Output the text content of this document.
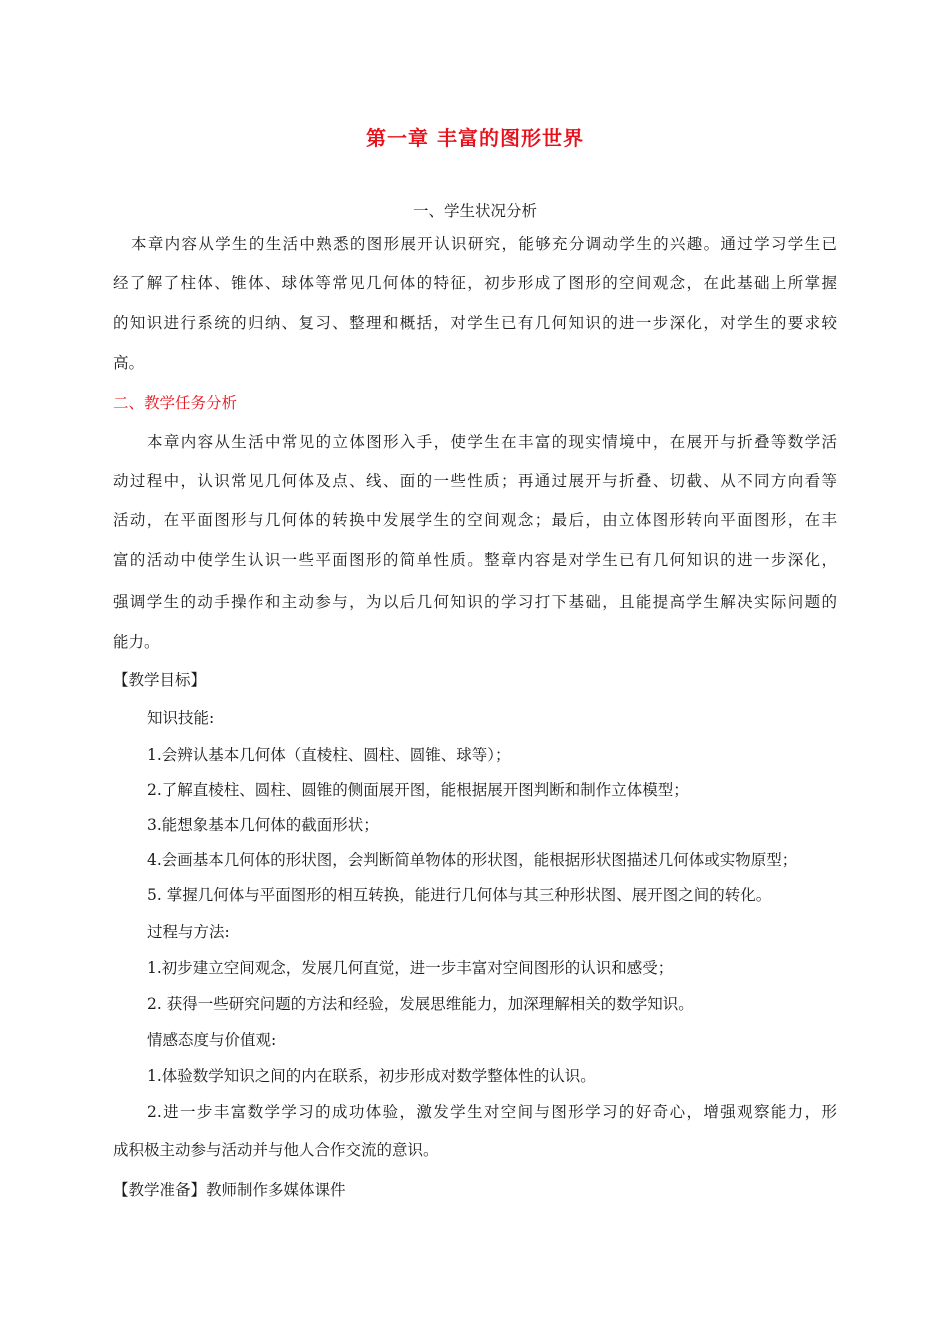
第一章 丰富的图形世界
一、学生状况分析
本章内容从学生的生活中熟悉的图形展开认识研究，能够充分调动学生的兴趣。通过学习学生已
经了解了柱体、锥体、球体等常见几何体的特征，初步形成了图形的空间观念，在此基础上所掌握
的知识进行系统的归纳、复习、整理和概括，对学生已有几何知识的进一步深化，对学生的要求较
高。
二、教学任务分析
本章内容从生活中常见的立体图形入手，使学生在丰富的现实情境中，在展开与折叠等数学活
动过程中，认识常见几何体及点、线、面的一些性质；再通过展开与折叠、切截、从不同方向看等
活动，在平面图形与几何体的转换中发展学生的空间观念；最后，由立体图形转向平面图形，在丰
富的活动中使学生认识一些平面图形的简单性质。整章内容是对学生已有几何知识的进一步深化，
强调学生的动手操作和主动参与，为以后几何知识的学习打下基础，且能提高学生解决实际问题的
能力。
【教学目标】
知识技能:
1.会辨认基本几何体（直棱柱、圆柱、圆锥、球等）；
2.了解直棱柱、圆柱、圆锥的侧面展开图，能根据展开图判断和制作立体模型；
3.能想象基本几何体的截面形状；
4.会画基本几何体的形状图，会判断简单物体的形状图，能根据形状图描述几何体或实物原型；
5. 掌握几何体与平面图形的相互转换，能进行几何体与其三种形状图、展开图之间的转化。
过程与方法:
1.初步建立空间观念，发展几何直觉，进一步丰富对空间图形的认识和感受；
2. 获得一些研究问题的方法和经验，发展思维能力，加深理解相关的数学知识。
情感态度与价值观:
1.体验数学知识之间的内在联系，初步形成对数学整体性的认识。
2.进一步丰富数学学习的成功体验，激发学生对空间与图形学习的好奇心，增强观察能力，形
成积极主动参与活动并与他人合作交流的意识。
【教学准备】教师制作多媒体课件
